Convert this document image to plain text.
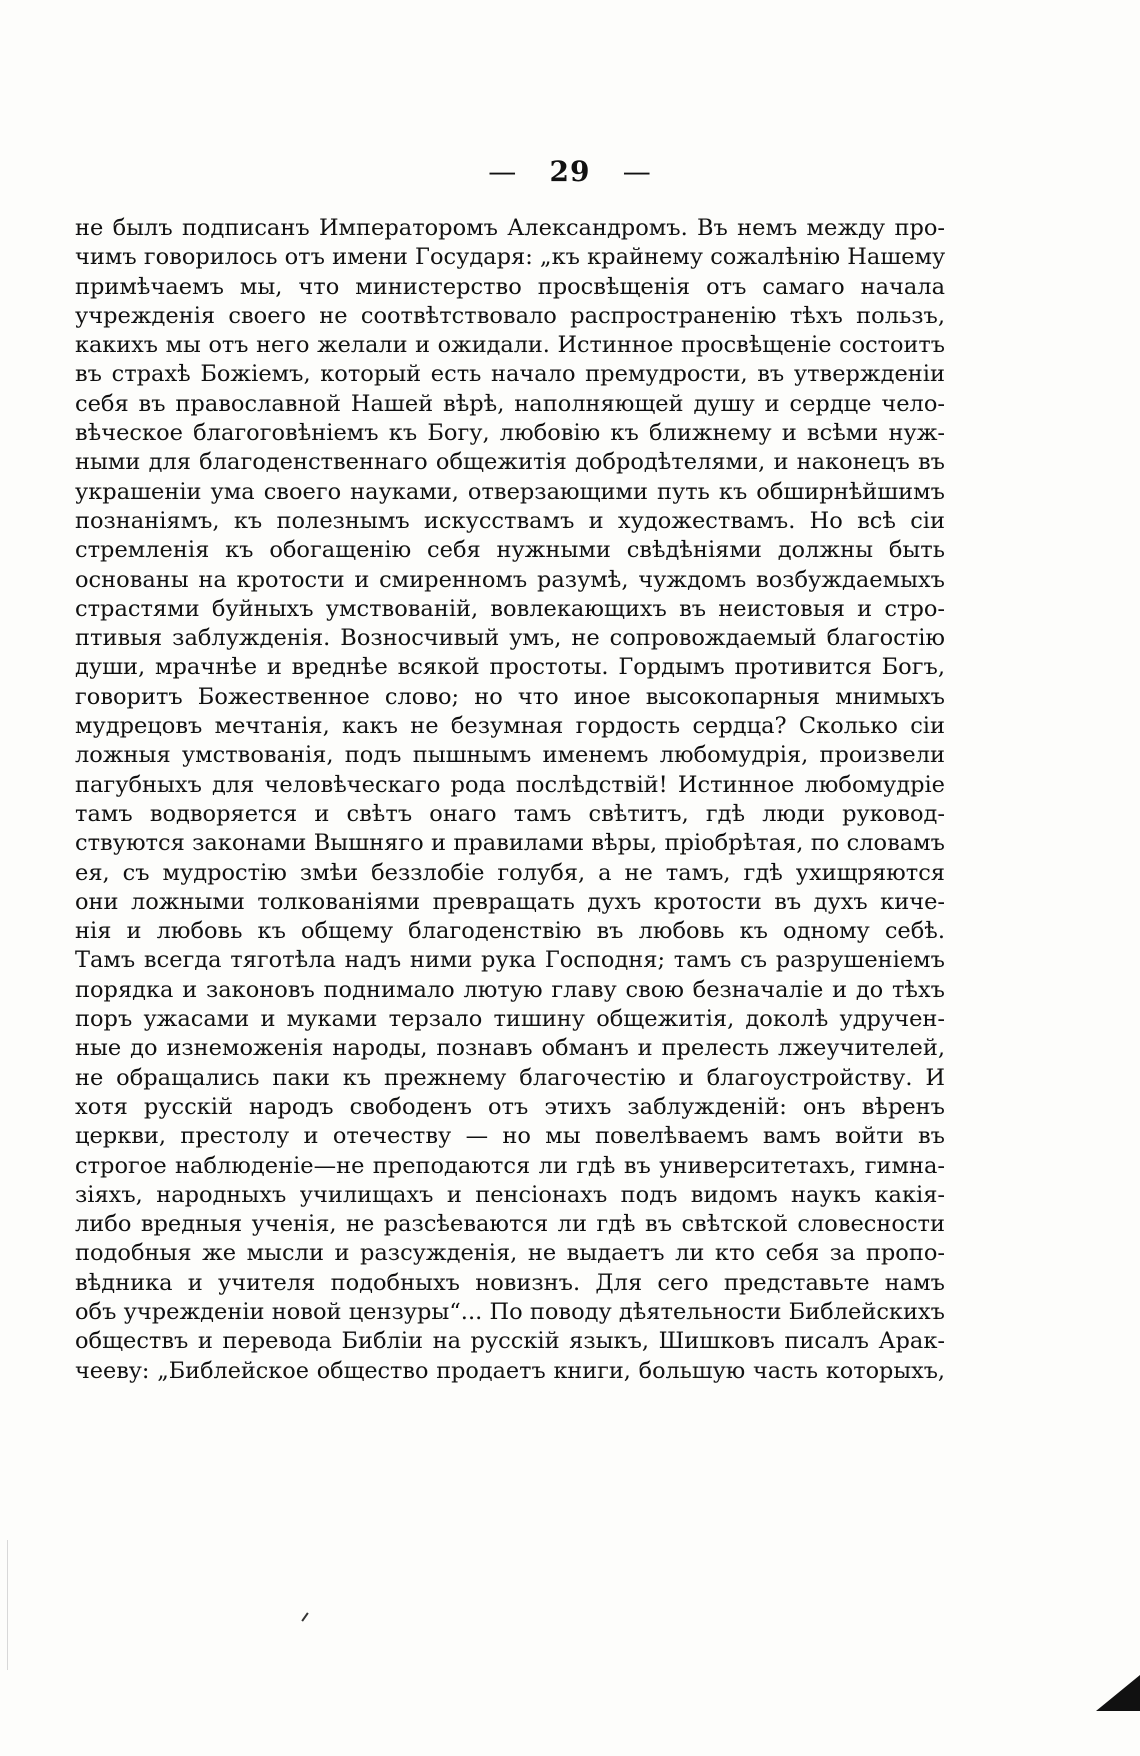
— 29 —
не былъ подписанъ Императоромъ Александромъ. Въ немъ между про-
чимъ говорилось отъ имени Государя: „къ крайнему сожалѣнію Нашему
примѣчаемъ мы, что министерство просвѣщенія отъ самаго начала
учрежденія своего не соотвѣтствовало распространенію тѣхъ пользъ,
какихъ мы отъ него желали и ожидали. Истинное просвѣщеніе состоитъ
въ страхѣ Божіемъ, который есть начало премудрости, въ утвержденіи
себя въ православной Нашей вѣрѣ, наполняющей душу и сердце чело-
вѣческое благоговѣніемъ къ Богу, любовію къ ближнему и всѣми нуж-
ными для благоденственнаго общежитія добродѣтелями, и наконецъ въ
украшеніи ума своего науками, отверзающими путь къ обширнѣйшимъ
познаніямъ, къ полезнымъ искусствамъ и художествамъ. Но всѣ сіи
стремленія къ обогащенію себя нужными свѣдѣніями должны быть
основаны на кротости и смиренномъ разумѣ, чуждомъ возбуждаемыхъ
страстями буйныхъ умствованій, вовлекающихъ въ неистовыя и стро-
птивыя заблужденія. Возносчивый умъ, не сопровождаемый благостію
души, мрачнѣе и вреднѣе всякой простоты. Гордымъ противится Богъ,
говоритъ Божественное слово; но что иное высокопарныя мнимыхъ
мудрецовъ мечтанія, какъ не безумная гордость сердца? Сколько сіи
ложныя умствованія, подъ пышнымъ именемъ любомудрія, произвели
пагубныхъ для человѣческаго рода послѣдствій! Истинное любомудріе
тамъ водворяется и свѣтъ онаго тамъ свѣтитъ, гдѣ люди руковод-
ствуются законами Вышняго и правилами вѣры, пріобрѣтая, по словамъ
ея, съ мудростію змѣи беззлобіе голубя, а не тамъ, гдѣ ухищряются
они ложными толкованіями превращать духъ кротости въ духъ киче-
нія и любовь къ общему благоденствію въ любовь къ одному себѣ.
Тамъ всегда тяготѣла надъ ними рука Господня; тамъ съ разрушеніемъ
порядка и законовъ поднимало лютую главу свою безначаліе и до тѣхъ
поръ ужасами и муками терзало тишину общежитія, доколѣ удручен-
ные до изнеможенія народы, познавъ обманъ и прелесть лжеучителей,
не обращались паки къ прежнему благочестію и благоустройству. И
хотя русскій народъ свободенъ отъ этихъ заблужденій: онъ вѣренъ
церкви, престолу и отечеству — но мы повелѣваемъ вамъ войти въ
строгое наблюденіе—не преподаются ли гдѣ въ университетахъ, гимна-
зіяхъ, народныхъ училищахъ и пенсіонахъ подъ видомъ наукъ какія-
либо вредныя ученія, не разсѣеваются ли гдѣ въ свѣтской словесности
подобныя же мысли и разсужденія, не выдаетъ ли кто себя за пропо-
вѣдника и учителя подобныхъ новизнъ. Для сего представьте намъ
объ учрежденіи новой цензуры“... По поводу дѣятельности Библейскихъ
обществъ и перевода Библіи на русскій языкъ, Шишковъ писалъ Арак-
чееву: „Библейское общество продаетъ книги, большую часть которыхъ,
